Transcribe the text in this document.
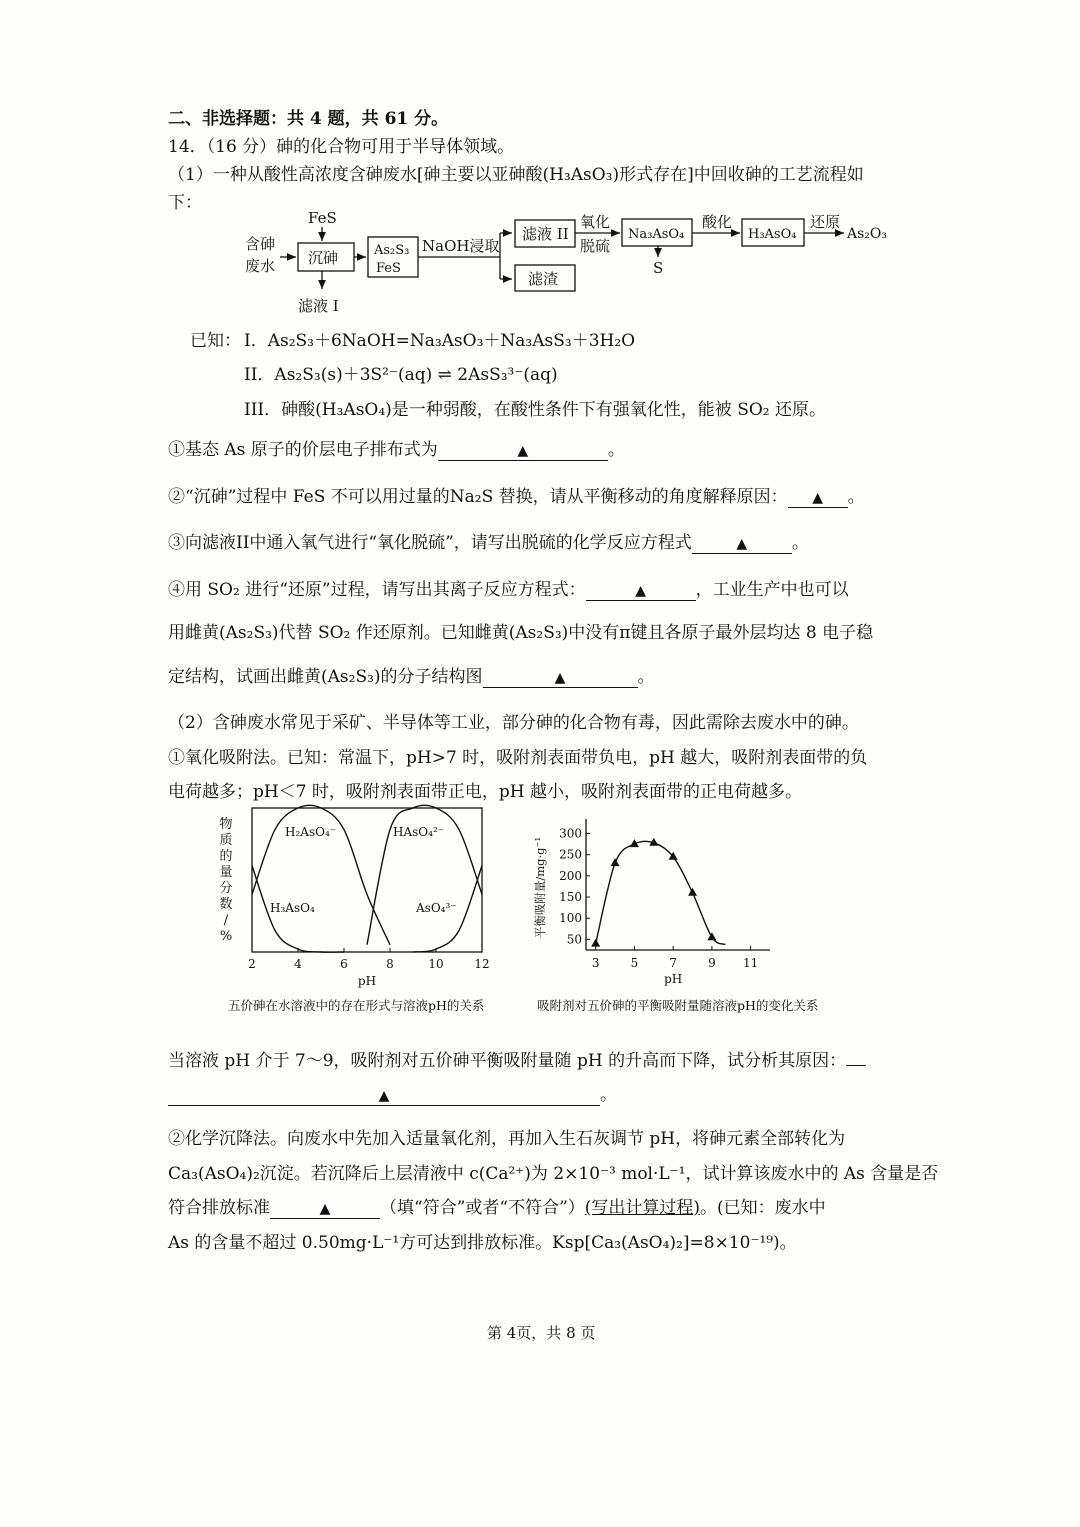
二、非选择题：共 4 题，共 61 分。
14．（16 分）砷的化合物可用于半导体领域。
（1）一种从酸性高浓度含砷废水[砷主要以亚砷酸(H₃AsO₃)形式存在]中回收砷的工艺流程如
下：
含砷
废水
FeS
沉砷
滤液 I
As₂S₃
FeS
NaOH浸取
滤液 II
滤渣
氧化
脱硫
Na₃AsO₄
S
酸化
H₃AsO₄
还原
As₂O₃
已知： I．As₂S₃＋6NaOH=Na₃AsO₃＋Na₃AsS₃＋3H₂O
II．As₂S₃(s)＋3S²⁻(aq) ⇌ 2AsS₃³⁻(aq)
III．砷酸(H₃AsO₄)是一种弱酸，在酸性条件下有强氧化性，能被 SO₂ 还原。
①基态 As 原子的价层电子排布式为	▲	。
②“沉砷”过程中 FeS 不可以用过量的Na₂S 替换，请从平衡移动的角度解释原因： ▲ 。
③向滤液II中通入氧气进行“氧化脱硫”，请写出脱硫的化学反应方程式	▲	。
④用 SO₂ 进行“还原”过程，请写出其离子反应方程式：	▲	，工业生产中也可以
用雌黄(As₂S₃)代替 SO₂ 作还原剂。已知雌黄(As₂S₃)中没有π键且各原子最外层均达 8 电子稳
定结构，试画出雌黄(As₂S₃)的分子结构图	▲	。
（2）含砷废水常见于采矿、半导体等工业，部分砷的化合物有毒，因此需除去废水中的砷。
①氧化吸附法。已知：常温下，pH>7 时，吸附剂表面带负电，pH 越大，吸附剂表面带的负
电荷越多；pH＜7 时，吸附剂表面带正电，pH 越小，吸附剂表面带的正电荷越多。
2	4	6	8	10	12
pH
物
质
的
量
分
数
/
%
H₂AsO₄⁻	HAsO₄²⁻
H₃AsO₄	AsO₄³⁻
50
100
150
200
250
300
3	5	7	9 11
pH
平衡吸附量/mg·g⁻¹
五价砷在水溶液中的存在形式与溶液pH的关系	吸附剂对五价砷的平衡吸附量随溶液pH的变化关系
当溶液 pH 介于 7～9，吸附剂对五价砷平衡吸附量随 pH 的升高而下降，试分析其原因：
▲	。
②化学沉降法。向废水中先加入适量氧化剂，再加入生石灰调节 pH，将砷元素全部转化为
Ca₃(AsO₄)₂沉淀。若沉降后上层清液中 c(Ca²⁺)为 2×10⁻³ mol·L⁻¹，试计算该废水中的 As 含量是否
符合排放标准	▲	（填“符合”或者“不符合”）(写出计算过程)。(已知：废水中
As 的含量不超过 0.50mg·L⁻¹方可达到排放标准。Ksp[Ca₃(AsO₄)₂]=8×10⁻¹⁹)。
第 4页，共 8 页
